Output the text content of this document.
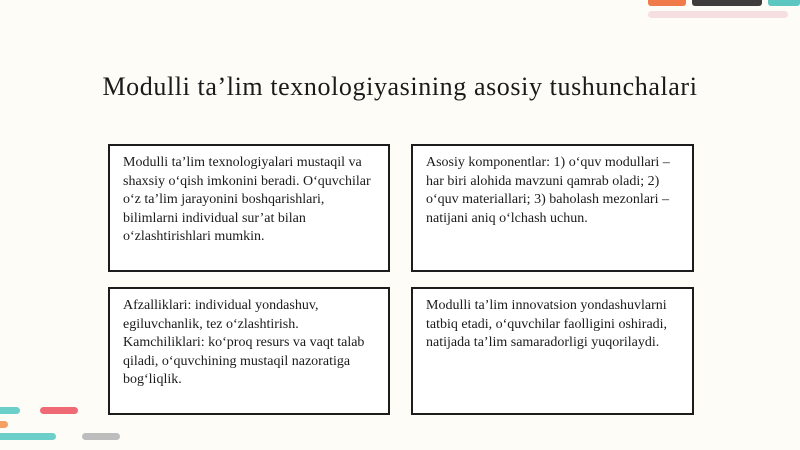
Modulli ta’lim texnologiyasining asosiy tushunchalari

Modulli ta’lim texnologiyalari mustaqil va shaxsiy o‘qish imkonini beradi. O‘quvchilar o‘z ta’lim jarayonini boshqarishlari, bilimlarni individual sur’at bilan o‘zlashtirishlari mumkin.

Asosiy komponentlar: 1) o‘quv modullari – har biri alohida mavzuni qamrab oladi; 2) o‘quv materiallari; 3) baholash mezonlari – natijani aniq o‘lchash uchun.

Afzalliklari: individual yondashuv, egiluvchanlik, tez o‘zlashtirish. Kamchiliklari: ko‘proq resurs va vaqt talab qiladi, o‘quvchining mustaqil nazoratiga bog‘liqlik.

Modulli ta’lim innovatsion yondashuvlarni tatbiq etadi, o‘quvchilar faolligini oshiradi, natijada ta’lim samaradorligi yuqorilaydi.
